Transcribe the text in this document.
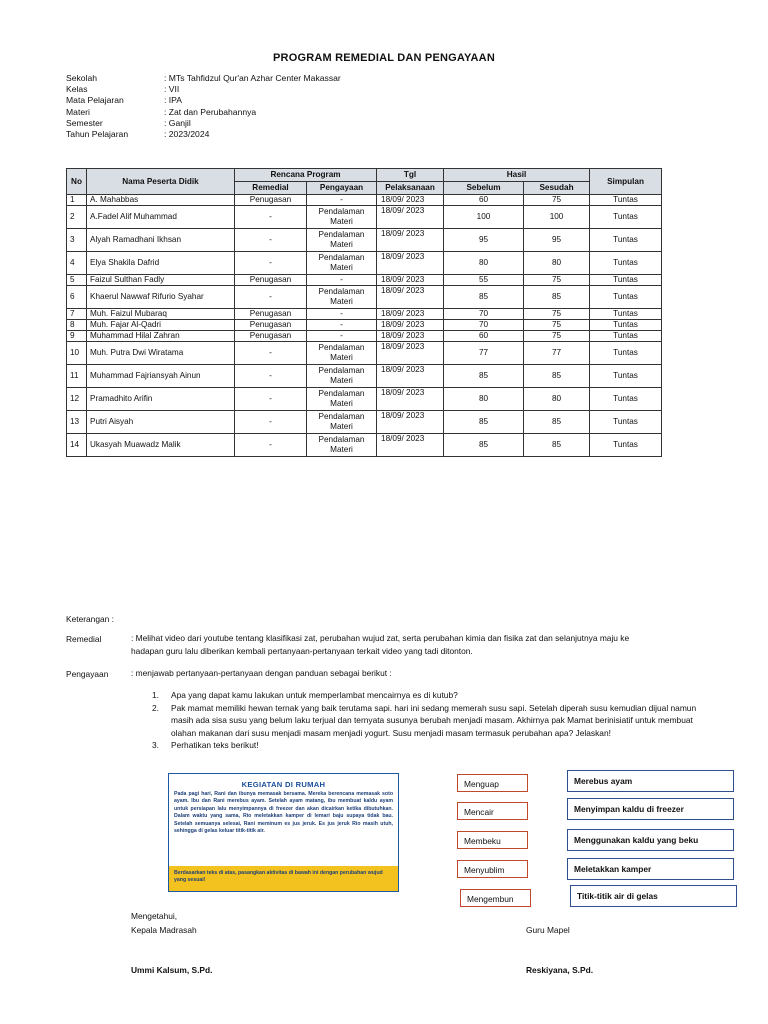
PROGRAM REMEDIAL DAN PENGAYAAN
Sekolah	: MTs Tahfidzul Qur'an Azhar Center Makassar
Kelas	: VII
Mata Pelajaran	: IPA
Materi	: Zat dan Perubahannya
Semester	: Ganjil
Tahun Pelajaran	: 2023/2024
No	Nama Peserta Didik	Rencana Program		Tgl	Hasil		Simpulan
		Remedial	Pengayaan	Pelaksanaan	Sebelum	Sesudah	
1	A. Mahabbas	Penugasan	-	18/09/ 2023	60	75	Tuntas
2	A.Fadel Alif Muhammad	-	Pendalaman Materi	18/09/ 2023	100	100	Tuntas
3	Alyah Ramadhani Ikhsan	-	Pendalaman Materi	18/09/ 2023	95	95	Tuntas
4	Elya Shakila Dafrid	-	Pendalaman Materi	18/09/ 2023	80	80	Tuntas
5	Faizul Sulthan Fadly	Penugasan	-	18/09/ 2023	55	75	Tuntas
6	Khaerul Nawwaf Rifurio Syahar	-	Pendalaman Materi	18/09/ 2023	85	85	Tuntas
7	Muh. Faizul Mubaraq	Penugasan	-	18/09/ 2023	70	75	Tuntas
8	Muh. Fajar Al-Qadri	Penugasan	-	18/09/ 2023	70	75	Tuntas
9	Muhammad Hilal Zahran	Penugasan	-	18/09/ 2023	60	75	Tuntas
10	Muh. Putra Dwi Wiratama	-	Pendalaman Materi	18/09/ 2023	77	77	Tuntas
11	Muhammad Fajriansyah Ainun	-	Pendalaman Materi	18/09/ 2023	85	85	Tuntas
12	Pramadhito Arifin	-	Pendalaman Materi	18/09/ 2023	80	80	Tuntas
13	Putri Aisyah	-	Pendalaman Materi	18/09/ 2023	85	85	Tuntas
14	Ukasyah Muawadz Malik	-	Pendalaman Materi	18/09/ 2023	85	85	Tuntas
Keterangan :
Remedial	: Melihat video dari youtube tentang klasifikasi zat, perubahan wujud zat, serta perubahan kimia dan fisika zat dan selanjutnya maju ke
hadapan guru lalu diberikan kembali pertanyaan-pertanyaan terkait video yang tadi ditonton.
Pengayaan	: menjawab pertanyaan-pertanyaan dengan panduan sebagai berikut :
1. Apa yang dapat kamu lakukan untuk memperlambat mencairnya es di kutub?
2. Pak mamat memiliki hewan ternak yang baik terutama sapi. hari ini sedang memerah susu sapi. Setelah diperah susu kemudian dijual namun masih ada sisa susu yang belum laku terjual dan ternyata susunya berubah menjadi masam. Akhirnya pak Mamat berinisiatif untuk membuat olahan makanan dari susu menjadi masam menjadi yogurt. Susu menjadi masam termasuk perubahan apa? Jelaskan!
3. Perhatikan teks berikut!
KEGIATAN DI RUMAH
Pada pagi hari, Rani dan ibunya memasak bersama. Mereka berencana memasak soto ayam. Ibu dan Rani merebus ayam. Setelah ayam matang, ibu membuat kaldu ayam untuk persiapan lalu menyimpannya di freezer dan akan dicairkan ketika dibutuhkan. Dalam waktu yang sama, Rio meletakkan kamper di lemari baju supaya tidak bau. Setelah semuanya selesai, Rani meminum es jus jeruk. Es jus jeruk Rio masih utuh, sehingga di gelas keluar titik-titik air.
Berdasarkan teks di atas, pasangkan aktivitas di bawah ini dengan perubahan wujud yang sesuai!
Menguap
Mencair
Membeku
Menyublim
Mengembun
Merebus ayam
Menyimpan kaldu di freezer
Menggunakan kaldu yang beku
Meletakkan kamper
Titik-titik air di gelas
Mengetahui,
Kepala Madrasah	Guru Mapel
Ummi Kalsum, S.Pd.	Reskiyana, S.Pd.
